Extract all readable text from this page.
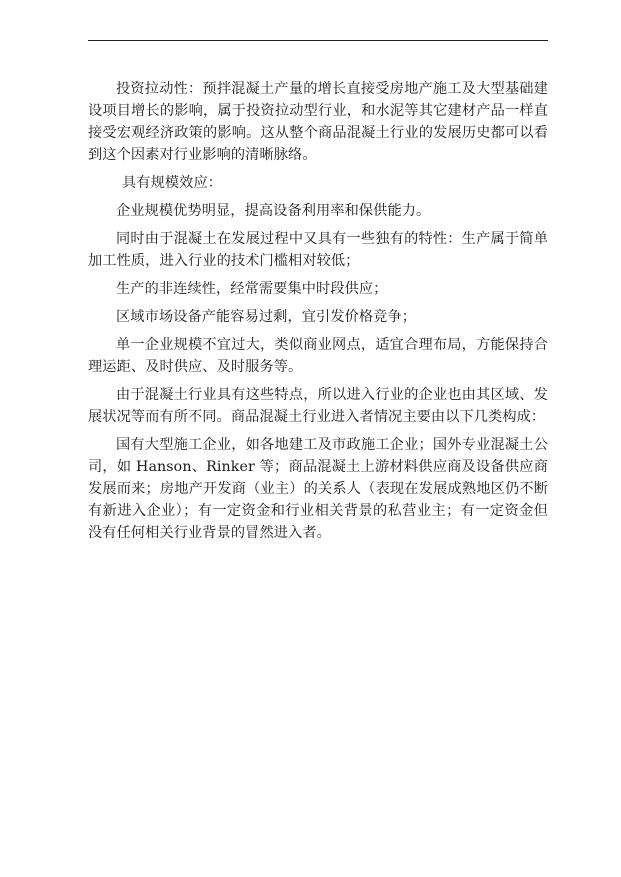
投资拉动性：预拌混凝土产量的增长直接受房地产施工及大型基础建设项目增长的影响，属于投资拉动型行业，和水泥等其它建材产品一样直接受宏观经济政策的影响。这从整个商品混凝土行业的发展历史都可以看到这个因素对行业影响的清晰脉络。

具有规模效应：

企业规模优势明显，提高设备利用率和保供能力。

同时由于混凝土在发展过程中又具有一些独有的特性：生产属于简单加工性质，进入行业的技术门槛相对较低；

生产的非连续性，经常需要集中时段供应；

区域市场设备产能容易过剩，宜引发价格竞争；

单一企业规模不宜过大，类似商业网点，适宜合理布局，方能保持合理运距、及时供应、及时服务等。

由于混凝土行业具有这些特点，所以进入行业的企业也由其区域、发展状况等而有所不同。商品混凝土行业进入者情况主要由以下几类构成：

国有大型施工企业，如各地建工及市政施工企业；国外专业混凝土公司，如 Hanson、Rinker 等；商品混凝土上游材料供应商及设备供应商发展而来；房地产开发商（业主）的关系人（表现在发展成熟地区仍不断有新进入企业）；有一定资金和行业相关背景的私营业主；有一定资金但没有任何相关行业背景的冒然进入者。
